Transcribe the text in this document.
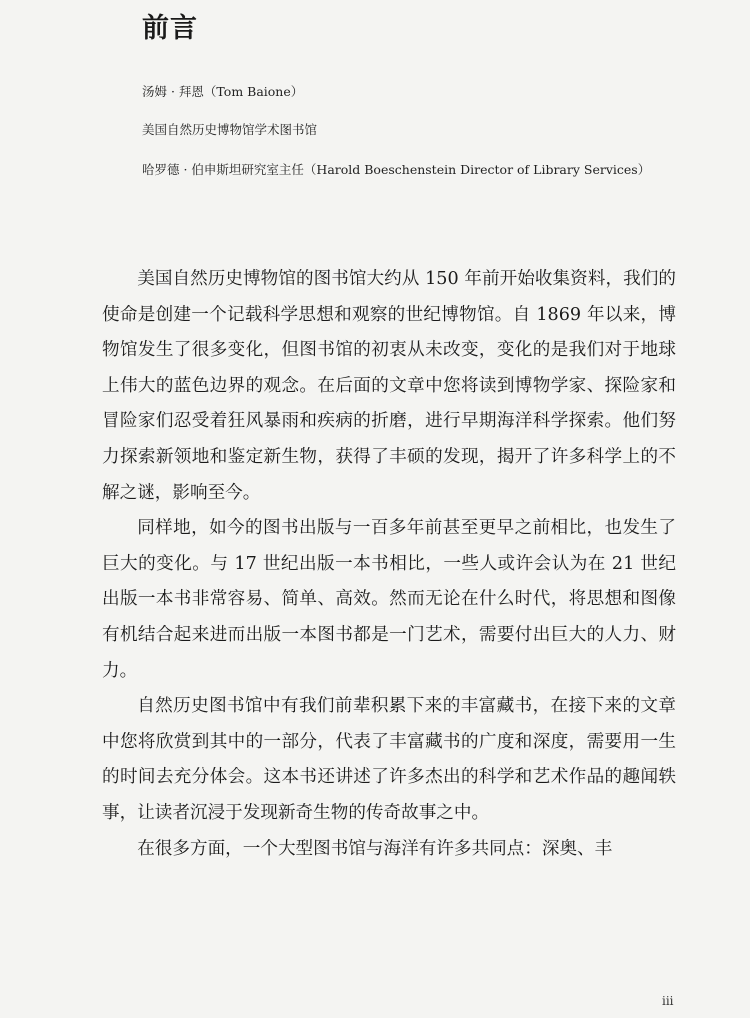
前言
汤姆 · 拜恩（Tom Baione）
美国自然历史博物馆学术图书馆
哈罗德 · 伯申斯坦研究室主任（Harold Boeschenstein Director of Library Services）

美国自然历史博物馆的图书馆大约从 150 年前开始收集资料，我们的使命是创建一个记载科学思想和观察的世纪博物馆。自 1869 年以来，博物馆发生了很多变化，但图书馆的初衷从未改变，变化的是我们对于地球上伟大的蓝色边界的观念。在后面的文章中您将读到博物学家、探险家和冒险家们忍受着狂风暴雨和疾病的折磨，进行早期海洋科学探索。他们努力探索新领地和鉴定新生物，获得了丰硕的发现，揭开了许多科学上的不解之谜，影响至今。

同样地，如今的图书出版与一百多年前甚至更早之前相比，也发生了巨大的变化。与 17 世纪出版一本书相比，一些人或许会认为在 21 世纪出版一本书非常容易、简单、高效。然而无论在什么时代，将思想和图像有机结合起来进而出版一本图书都是一门艺术，需要付出巨大的人力、财力。

自然历史图书馆中有我们前辈积累下来的丰富藏书，在接下来的文章中您将欣赏到其中的一部分，代表了丰富藏书的广度和深度，需要用一生的时间去充分体会。这本书还讲述了许多杰出的科学和艺术作品的趣闻轶事，让读者沉浸于发现新奇生物的传奇故事之中。

在很多方面，一个大型图书馆与海洋有许多共同点：深奥、丰

iii
